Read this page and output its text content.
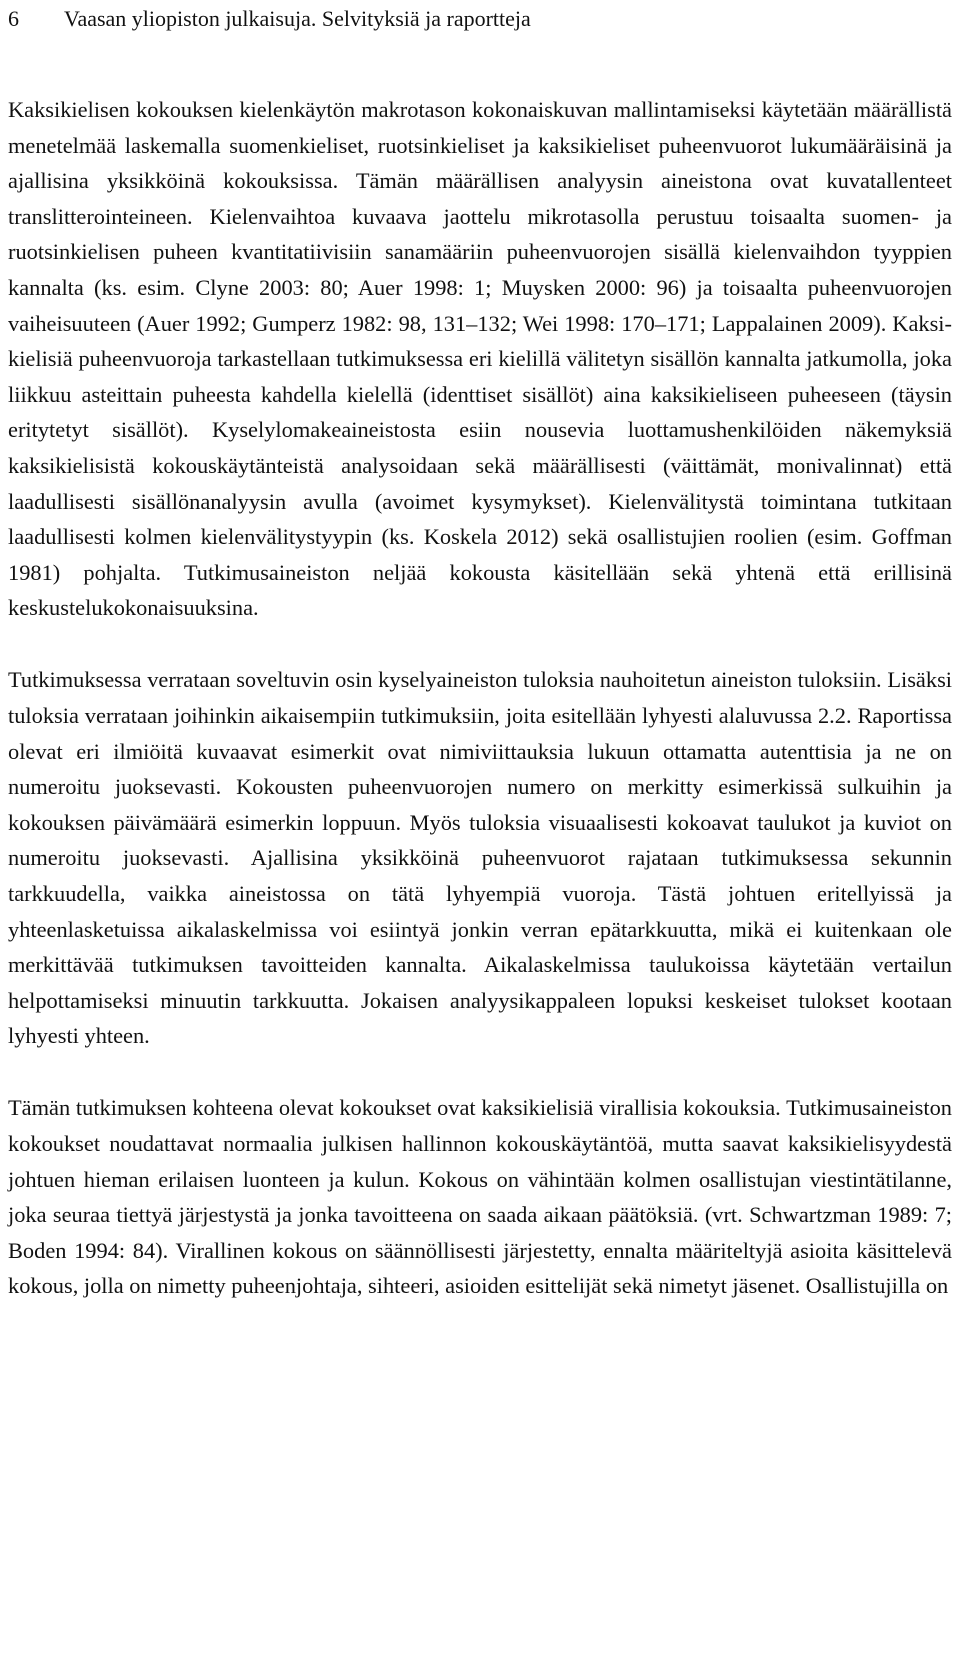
6 Vaasan yliopiston julkaisuja. Selvityksiä ja raportteja

Kaksikielisen kokouksen kielenkäytön makrotason kokonaiskuvan mallintamiseksi käytetään määrällistä menetelmää laskemalla suomenkieliset, ruotsinkieliset ja kaksikieliset puheenvuorot lukumääräisinä ja ajallisina yksikköinä kokouksissa. Tämän määrällisen analyysin aineistona ovat kuvatallenteet translitterointeineen. Kielenvaihtoa kuvaava jaottelu mikrotasolla perustuu toisaalta suomen- ja ruotsinkielisen puheen kvantitatiivisiin sanamääriin puheenvuorojen sisällä kielenvaihdon tyyppien kannalta (ks. esim. Clyne 2003: 80; Auer 1998: 1; Muysken 2000: 96) ja toisaalta puheenvuorojen vaiheisuuteen (Auer 1992; Gumperz 1982: 98, 131–132; Wei 1998: 170–171; Lappalainen 2009). Kaksikielisiä puheenvuoroja tarkastellaan tutkimuksessa eri kielillä välitetyn sisällön kannalta jatkumolla, joka liikkuu asteittain puheesta kahdella kielellä (identtiset sisällöt) aina kaksikieliseen puheeseen (täysin eritytetyt sisällöt). Kyselylomakeaineistosta esiin nousevia luottamushenkilöiden näkemyksiä kaksikielisistä kokouskäytänteistä analysoidaan sekä määrällisesti (väittämät, monivalinnat) että laadullisesti sisällönanalyysin avulla (avoimet kysymykset). Kielenvälitystä toimintana tutkitaan laadullisesti kolmen kielenvälitystyypin (ks. Koskela 2012) sekä osallistujien roolien (esim. Goffman 1981) pohjalta. Tutkimusaineiston neljää kokousta käsitellään sekä yhtenä että erillisinä keskustelukokonaisuuksina.

Tutkimuksessa verrataan soveltuvin osin kyselyaineiston tuloksia nauhoitetun aineiston tuloksiin. Lisäksi tuloksia verrataan joihinkin aikaisempiin tutkimuksiin, joita esitellään lyhyesti alaluvussa 2.2. Raportissa olevat eri ilmiöitä kuvaavat esimerkit ovat nimiviittauksia lukuun ottamatta autenttisia ja ne on numeroitu juoksevasti. Kokousten puheenvuorojen numero on merkitty esimerkissä sulkuihin ja kokouksen päivämäärä esimerkin loppuun. Myös tuloksia visuaalisesti kokoavat taulukot ja kuviot on numeroitu juoksevasti. Ajallisina yksikköinä puheenvuorot rajataan tutkimuksessa sekunnin tarkkuudella, vaikka aineistossa on tätä lyhyempiä vuoroja. Tästä johtuen eritellyissä ja yhteenlasketuissa aikalaskelmissa voi esiintyä jonkin verran epätarkkuutta, mikä ei kuitenkaan ole merkittävää tutkimuksen tavoitteiden kannalta. Aikalaskelmissa taulukoissa käytetään vertailun helpottamiseksi minuutin tarkkuutta. Jokaisen analyysikappaleen lopuksi keskeiset tulokset kootaan lyhyesti yhteen.

Tämän tutkimuksen kohteena olevat kokoukset ovat kaksikielisiä virallisia kokouksia. Tutkimusaineiston kokoukset noudattavat normaalia julkisen hallinnon kokouskäytäntöä, mutta saavat kaksikielisyydestä johtuen hieman erilaisen luonteen ja kulun. Kokous on vähintään kolmen osallistujan viestintätilanne, joka seuraa tiettyä järjestystä ja jonka tavoitteena on saada aikaan päätöksiä. (vrt. Schwartzman 1989: 7; Boden 1994: 84). Virallinen kokous on säännöllisesti järjestetty, ennalta määriteltyjä asioita käsittelevä kokous, jolla on nimetty puheenjohtaja, sihteeri, asioiden esittelijät sekä nimetyt jäsenet. Osallistujilla on
